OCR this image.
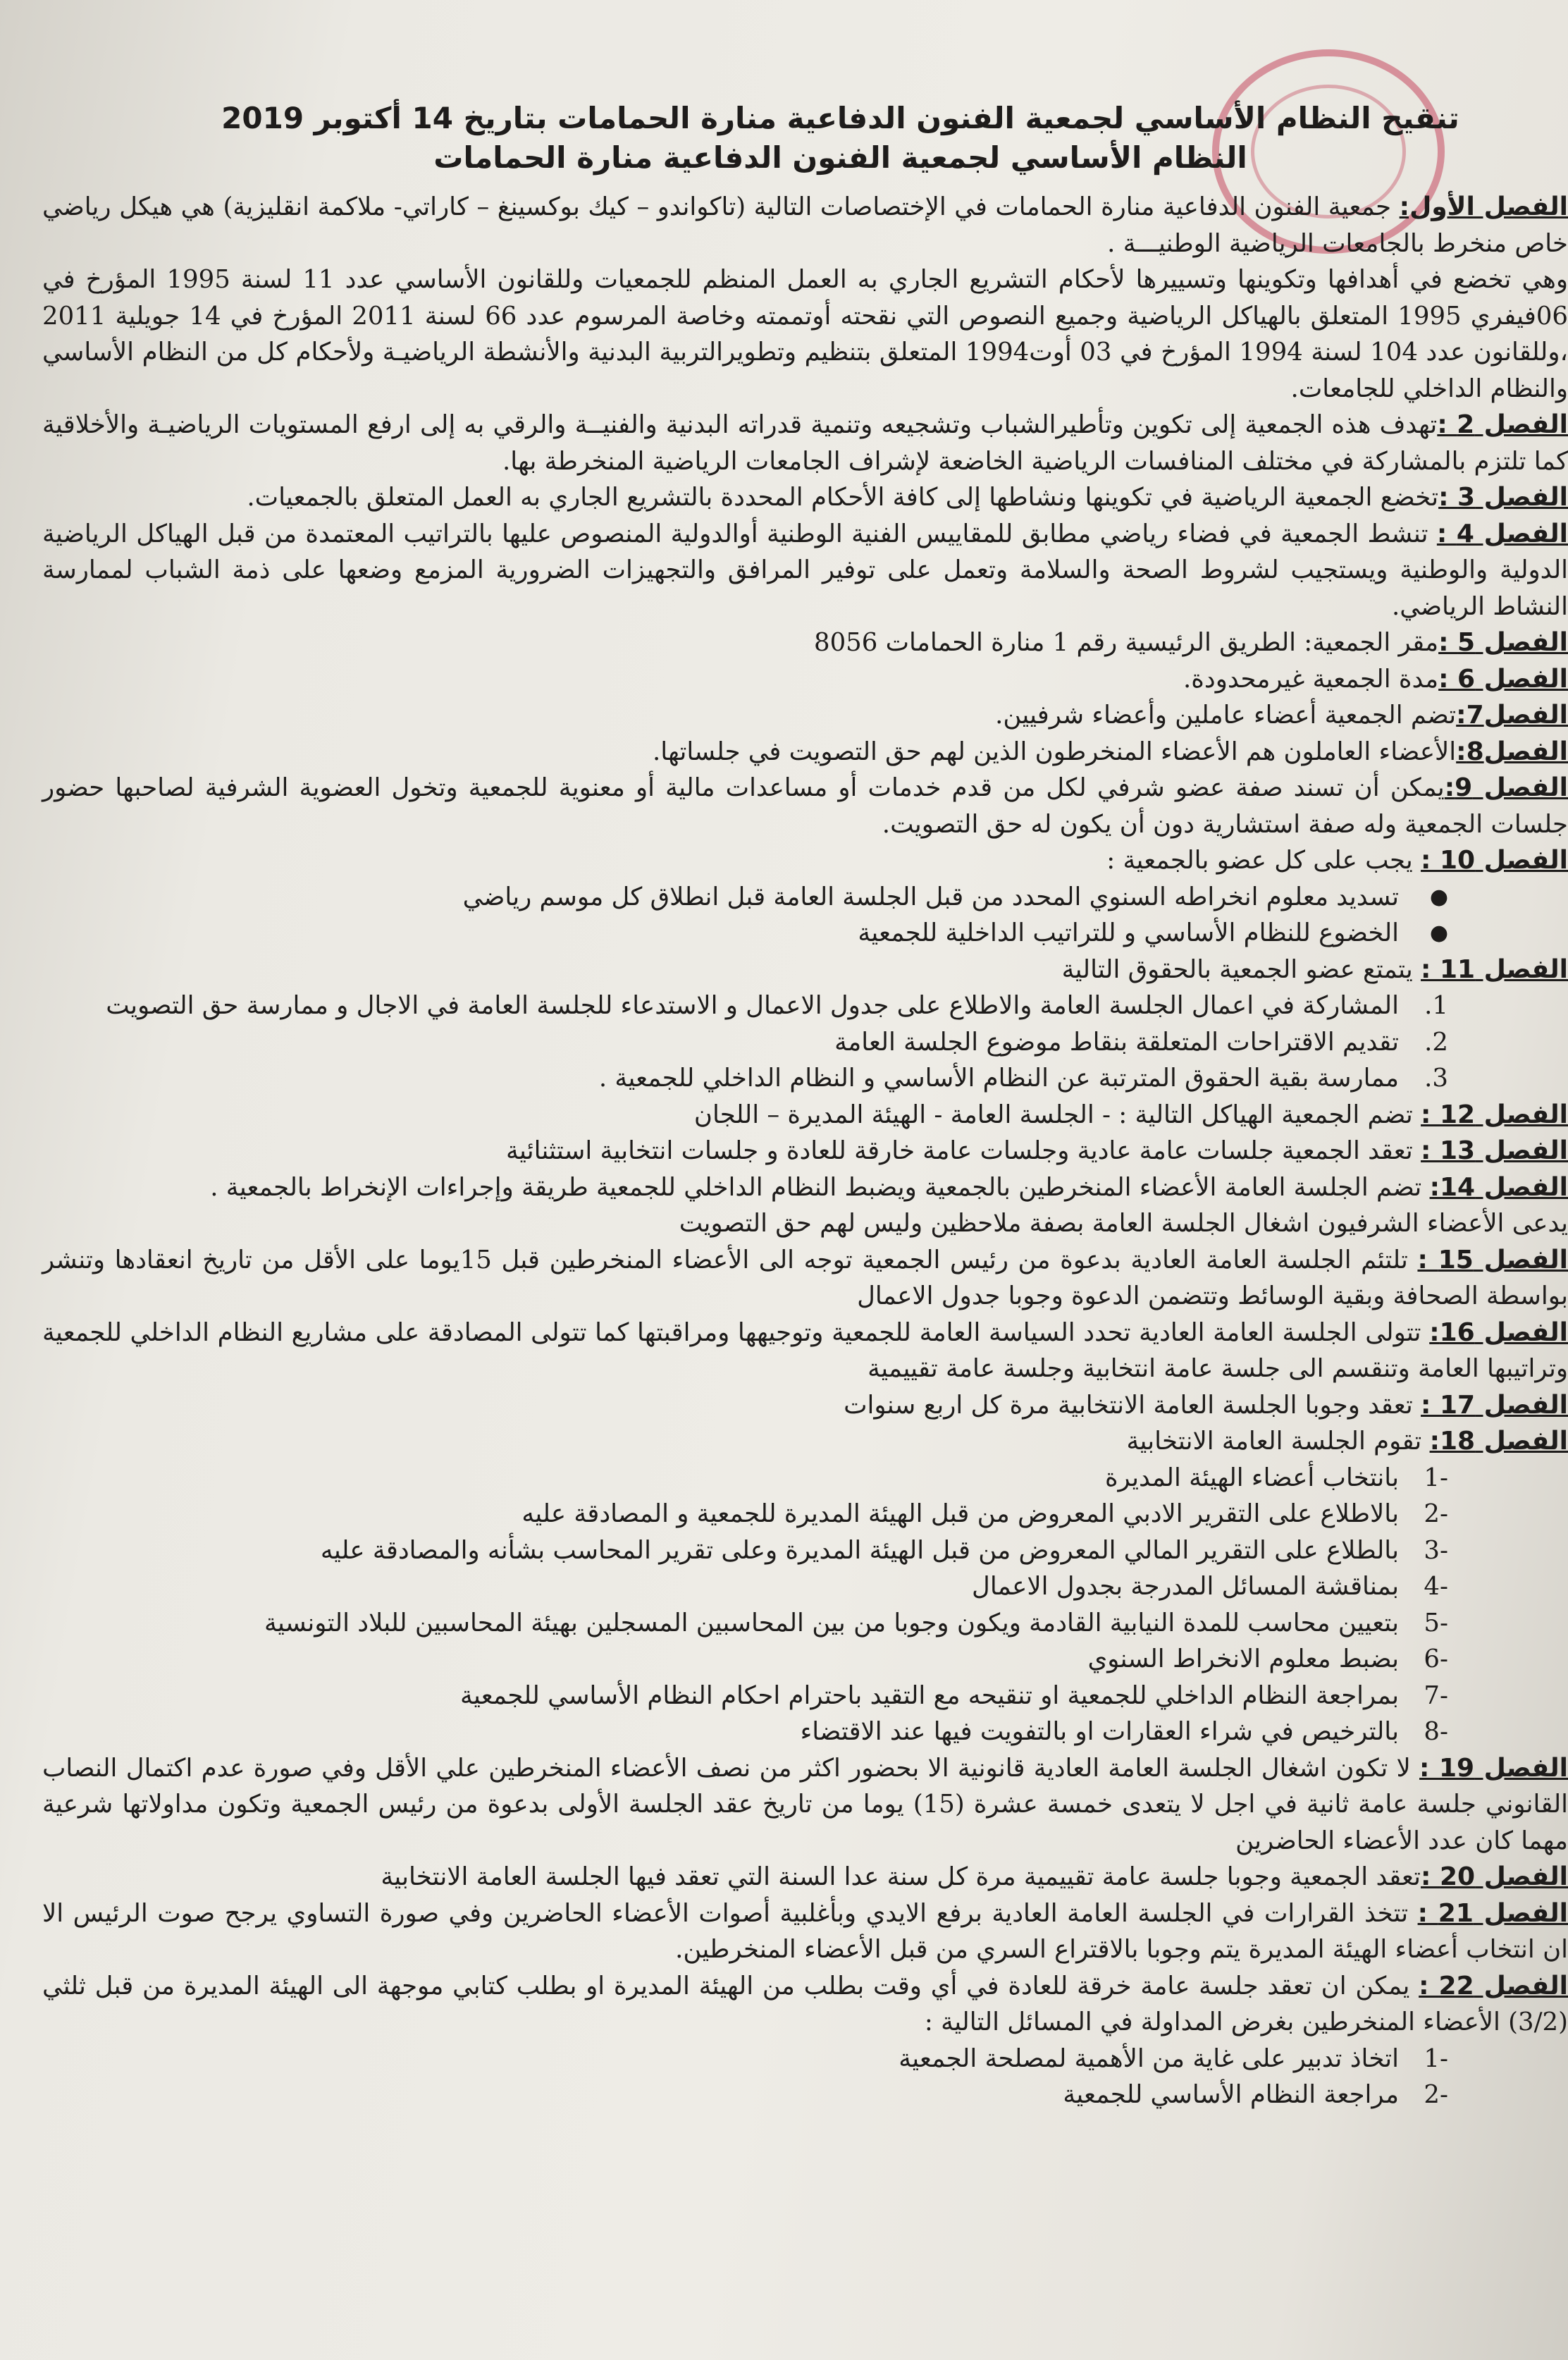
تنقيح النظام الأساسي لجمعية الفنون الدفاعية منارة الحمامات بتاريخ 14 أكتوبر 2019
النظام الأساسي لجمعية الفنون الدفاعية منارة الحمامات

الفصل الأول: جمعية الفنون الدفاعية منارة الحمامات في الإختصاصات التالية (تاكواندو – كيك بوكسينغ – كاراتي- ملاكمة انقليزية) هي هيكل رياضي خاص منخرط بالجامعات الرياضية الوطنيـــة .

وهي تخضع في أهدافها وتكوينها وتسييرها لأحكام التشريع الجاري به العمل المنظم للجمعيات وللقانون الأساسي عدد 11 لسنة 1995 المؤرخ في 06فيفري 1995 المتعلق بالهياكل الرياضية وجميع النصوص التي نقحته أوتممته وخاصة المرسوم عدد 66 لسنة 2011 المؤرخ في 14 جويلية 2011 ،وللقانون عدد 104 لسنة 1994 المؤرخ في 03 أوت1994 المتعلق بتنظيم وتطويرالتربية البدنية والأنشطة الرياضيـة ولأحكام كل من النظام الأساسي والنظام الداخلي للجامعات.

الفصل 2 :تهدف هذه الجمعية إلى تكوين وتأطيرالشباب وتشجيعه وتنمية قدراته البدنية والفنيــة والرقي به إلى ارفع المستويات الرياضيـة والأخلاقية كما تلتزم بالمشاركة في مختلف المنافسات الرياضية الخاضعة لإشراف الجامعات الرياضية المنخرطة بها.

الفصل 3 :تخضع الجمعية الرياضية في تكوينها ونشاطها إلى كافة الأحكام المحددة بالتشريع الجاري به العمل المتعلق بالجمعيات.

الفصل 4 : تنشط الجمعية في فضاء رياضي مطابق للمقاييس الفنية الوطنية أوالدولية المنصوص عليها بالتراتيب المعتمدة من قبل الهياكل الرياضية الدولية والوطنية ويستجيب لشروط الصحة والسلامة وتعمل على توفير المرافق والتجهيزات الضرورية المزمع وضعها على ذمة الشباب لممارسة النشاط الرياضي.

الفصل 5 :مقر الجمعية: الطريق الرئيسية رقم 1 منارة الحمامات 8056

الفصل 6 :مدة الجمعية غيرمحدودة.

الفصل7:تضم الجمعية أعضاء عاملين وأعضاء شرفيين.

الفصل8:الأعضاء العاملون هم الأعضاء المنخرطون الذين لهم حق التصويت في جلساتها.

الفصل 9:يمكن أن تسند صفة عضو شرفي لكل من قدم خدمات أو مساعدات مالية أو معنوية للجمعية وتخول العضوية الشرفية لصاحبها حضور جلسات الجمعية وله صفة استشارية دون أن يكون له حق التصويت.

الفصل 10 : يجب على كل عضو بالجمعية :

●
تسديد معلوم انخراطه السنوي المحدد من قبل الجلسة العامة قبل انطلاق كل موسم رياضي

●
الخضوع للنظام الأساسي و للتراتيب الداخلية للجمعية

الفصل 11 : يتمتع عضو الجمعية بالحقوق التالية

1.
المشاركة في اعمال الجلسة العامة والاطلاع على جدول الاعمال و الاستدعاء للجلسة العامة في الاجال و ممارسة حق التصويت

2.
تقديم الاقتراحات المتعلقة بنقاط موضوع الجلسة العامة

3.
ممارسة بقية الحقوق المترتبة عن النظام الأساسي و النظام الداخلي للجمعية .

الفصل 12 : تضم الجمعية الهياكل التالية : - الجلسة العامة - الهيئة المديرة – اللجان

الفصل 13 : تعقد الجمعية جلسات عامة عادية وجلسات عامة خارقة للعادة و جلسات انتخابية استثنائية

الفصل 14: تضم الجلسة العامة الأعضاء المنخرطين بالجمعية ويضبط النظام الداخلي للجمعية طريقة وإجراءات الإنخراط بالجمعية .

يدعى الأعضاء الشرفيون اشغال الجلسة العامة بصفة ملاحظين وليس لهم حق التصويت

الفصل 15 : تلتئم الجلسة العامة العادية بدعوة من رئيس الجمعية توجه الى الأعضاء المنخرطين قبل 15يوما على الأقل من تاريخ انعقادها وتنشر بواسطة الصحافة وبقية الوسائط وتتضمن الدعوة وجوبا جدول الاعمال

الفصل 16: تتولى الجلسة العامة العادية تحدد السياسة العامة للجمعية وتوجيهها ومراقبتها كما تتولى المصادقة على مشاريع النظام الداخلي للجمعية وتراتيبها العامة وتنقسم الى جلسة عامة انتخابية وجلسة عامة تقييمية

الفصل 17 : تعقد وجوبا الجلسة العامة الانتخابية مرة كل اربع سنوات

الفصل 18: تقوم الجلسة العامة الانتخابية

-1
بانتخاب أعضاء الهيئة المديرة

-2
بالاطلاع على التقرير الادبي المعروض من قبل الهيئة المديرة للجمعية و المصادقة عليه

-3
بالطلاع على التقرير المالي المعروض من قبل الهيئة المديرة وعلى تقرير المحاسب بشأنه والمصادقة عليه

-4
بمناقشة المسائل المدرجة بجدول الاعمال

-5
بتعيين محاسب للمدة النيابية القادمة ويكون وجوبا من بين المحاسبين المسجلين بهيئة المحاسبين للبلاد التونسية

-6
بضبط معلوم الانخراط السنوي

-7
بمراجعة النظام الداخلي للجمعية او تنقيحه مع التقيد باحترام احكام النظام الأساسي للجمعية

-8
بالترخيص في شراء العقارات او بالتفويت فيها عند الاقتضاء

الفصل 19 : لا تكون اشغال الجلسة العامة العادية قانونية الا بحضور اكثر من نصف الأعضاء المنخرطين علي الأقل وفي صورة عدم اكتمال النصاب القانوني جلسة عامة ثانية في اجل لا يتعدى خمسة عشرة (15) يوما من تاريخ عقد الجلسة الأولى بدعوة من رئيس الجمعية وتكون مداولاتها شرعية مهما كان عدد الأعضاء الحاضرين

الفصل 20 :تعقد الجمعية وجوبا جلسة عامة تقييمية مرة كل سنة عدا السنة التي تعقد فيها الجلسة العامة الانتخابية

الفصل 21 : تتخذ القرارات في الجلسة العامة العادية برفع الايدي وبأغلبية أصوات الأعضاء الحاضرين وفي صورة التساوي يرجح صوت الرئيس الا ان انتخاب أعضاء الهيئة المديرة يتم وجوبا بالاقتراع السري من قبل الأعضاء المنخرطين.

الفصل 22 : يمكن ان تعقد جلسة عامة خرقة للعادة في أي وقت بطلب من الهيئة المديرة او بطلب كتابي موجهة الى الهيئة المديرة من قبل ثلثي (3/2) الأعضاء المنخرطين بغرض المداولة في المسائل التالية :

-1
اتخاذ تدبير على غاية من الأهمية لمصلحة الجمعية

-2
مراجعة النظام الأساسي للجمعية
